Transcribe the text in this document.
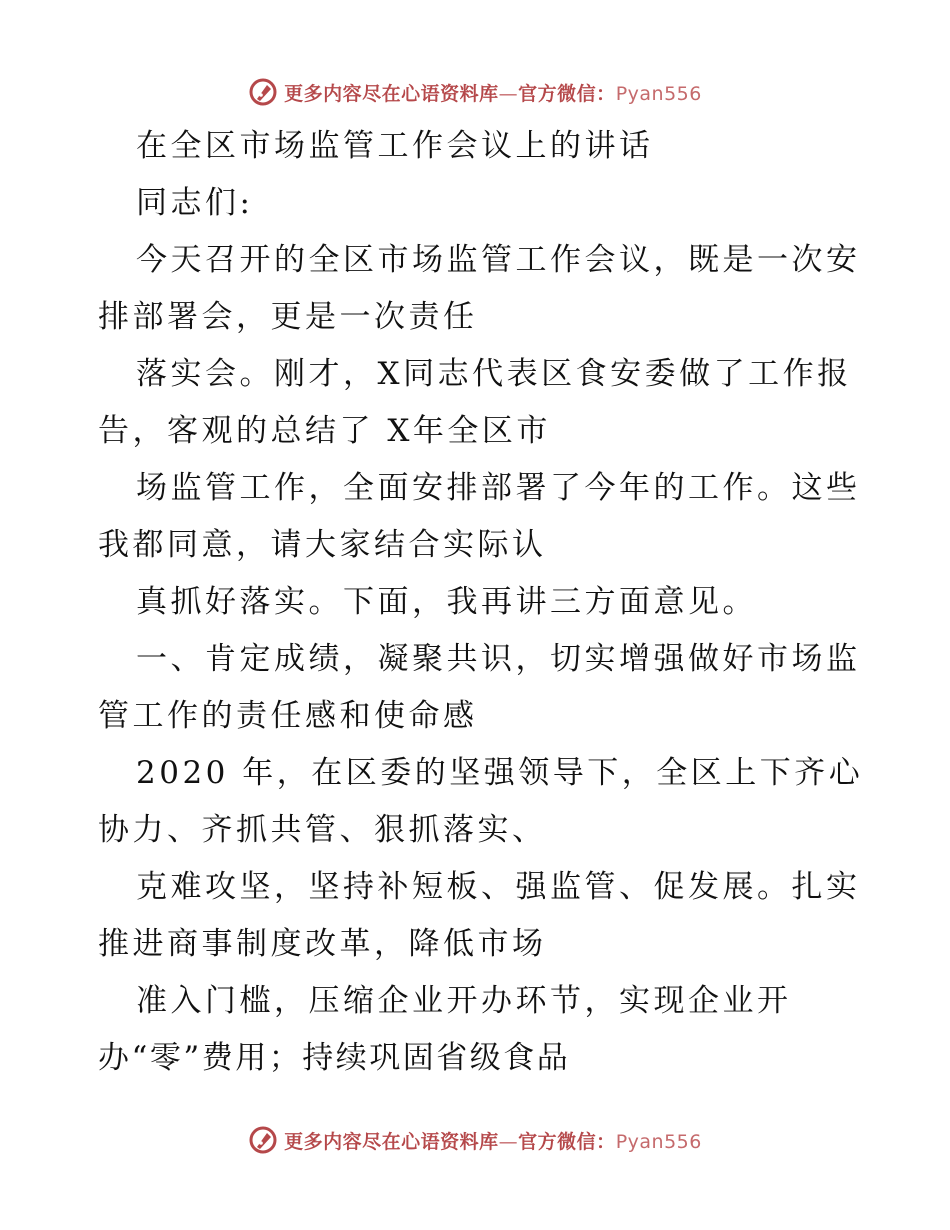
更多内容尽在心语资料库—官方微信：Pyan556
在全区市场监管工作会议上的讲话
同志们:
今天召开的全区市场监管工作会议，既是一次安
排部署会，更是一次责任
落实会。刚才，X同志代表区食安委做了工作报
告，客观的总结了 X年全区市
场监管工作，全面安排部署了今年的工作。这些
我都同意，请大家结合实际认
真抓好落实。下面，我再讲三方面意见。
一、肯定成绩，凝聚共识，切实增强做好市场监
管工作的责任感和使命感
2020 年，在区委的坚强领导下，全区上下齐心
协力、齐抓共管、狠抓落实、
克难攻坚，坚持补短板、强监管、促发展。扎实
推进商事制度改革，降低市场
准入门槛，压缩企业开办环节，实现企业开
办“零”费用；持续巩固省级食品
更多内容尽在心语资料库—官方微信：Pyan556
